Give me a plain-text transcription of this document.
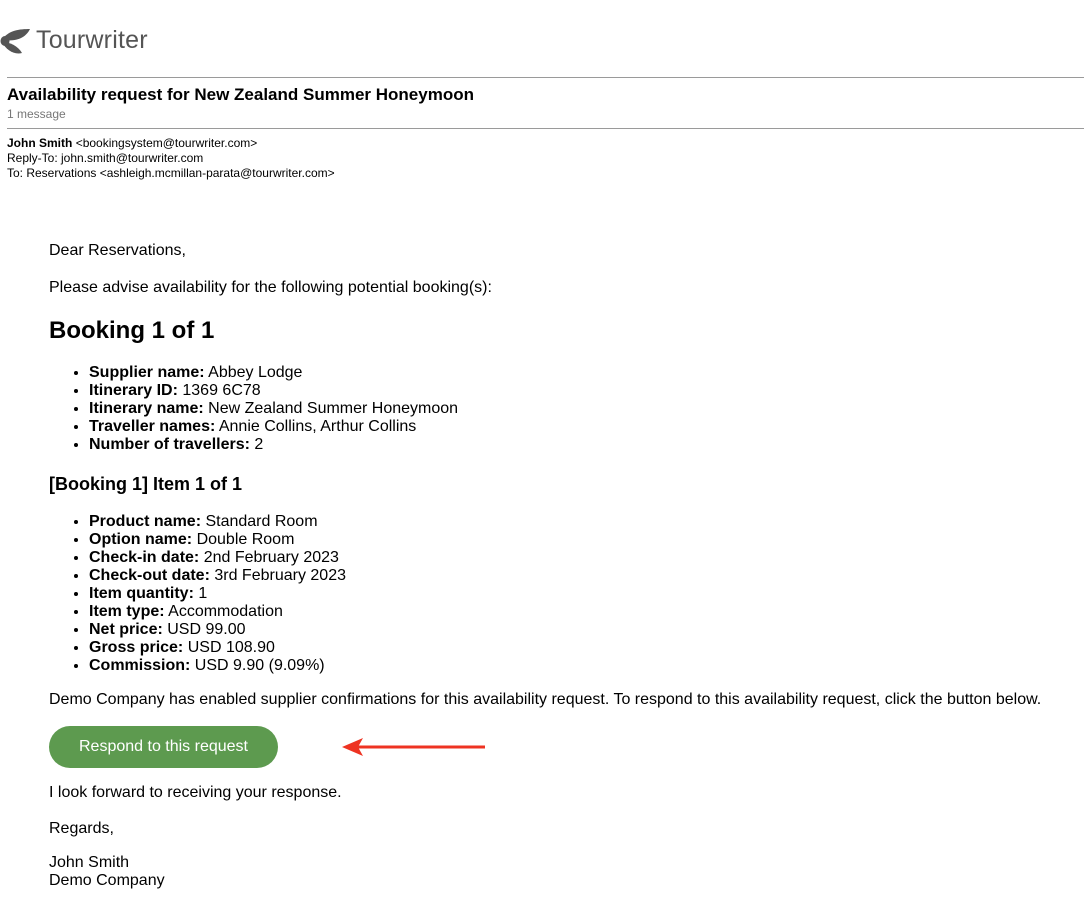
Tourwriter
Availability request for New Zealand Summer Honeymoon
1 message
John Smith <bookingsystem@tourwriter.com>
Reply-To: john.smith@tourwriter.com
To: Reservations <ashleigh.mcmillan-parata@tourwriter.com>
Dear Reservations,
Please advise availability for the following potential booking(s):
Booking 1 of 1
• Supplier name: Abbey Lodge
• Itinerary ID: 1369 6C78
• Itinerary name: New Zealand Summer Honeymoon
• Traveller names: Annie Collins, Arthur Collins
• Number of travellers: 2
[Booking 1] Item 1 of 1
• Product name: Standard Room
• Option name: Double Room
• Check-in date: 2nd February 2023
• Check-out date: 3rd February 2023
• Item quantity: 1
• Item type: Accommodation
• Net price: USD 99.00
• Gross price: USD 108.90
• Commission: USD 9.90 (9.09%)
Demo Company has enabled supplier confirmations for this availability request. To respond to this availability request, click the button below.
Respond to this request
I look forward to receiving your response.
Regards,
John Smith
Demo Company
